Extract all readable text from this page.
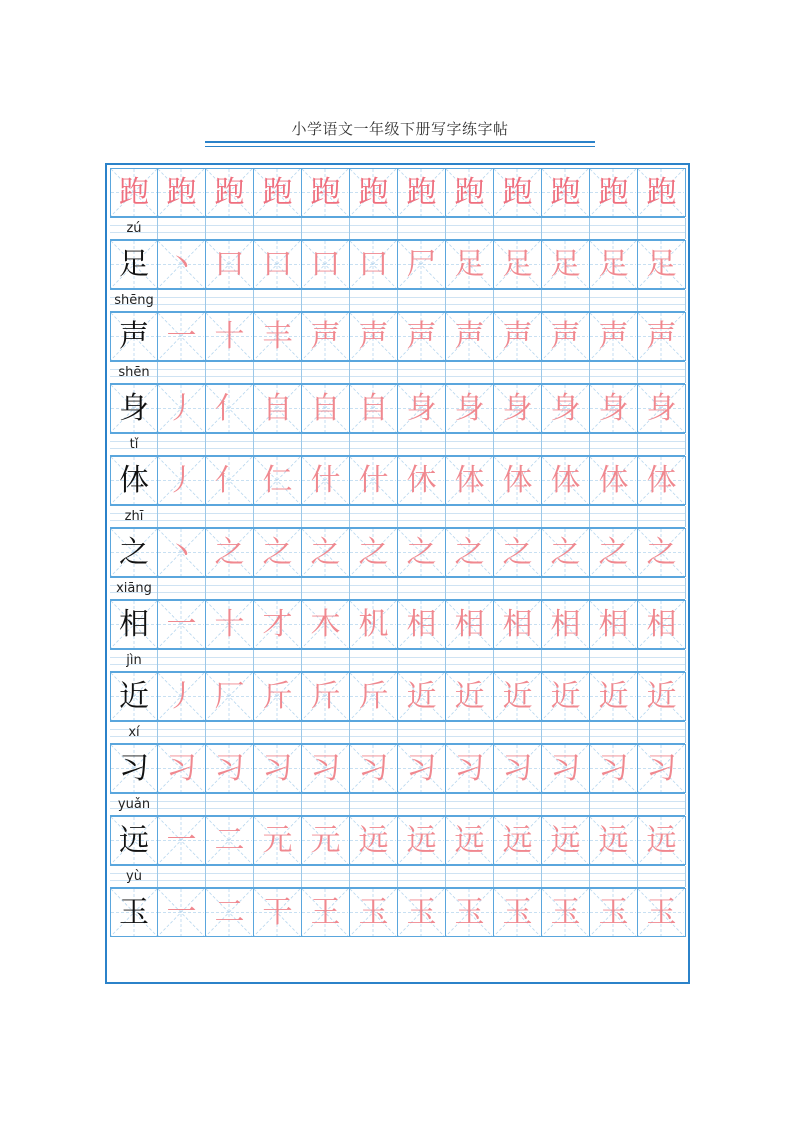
小学语文一年级下册写字练字帖
跑 跑 跑 跑 跑 跑 跑 跑 跑 跑 跑 跑
zú
足 丶 口 口 口 口 尸 足 足 足 足 足
shēng
声 一 十 丰 声 声 声 声 声 声 声 声
shēn
身 丿 亻 自 自 自 身 身 身 身 身 身
tǐ
体 丿 亻 仁 什 什 休 体 体 体 体 体
zhī
之 丶 之 之 之 之 之 之 之 之 之 之
xiāng
相 一 十 才 木 机 相 相 相 相 相 相
jìn
近 丿 厂 斤 斤 斤 近 近 近 近 近 近
xí
习 习 习 习 习 习 习 习 习 习 习 习
yuǎn
远 一 二 元 元 远 远 远 远 远 远 远
yù
玉 一 二 干 王 玉 玉 玉 玉 玉 玉 玉
